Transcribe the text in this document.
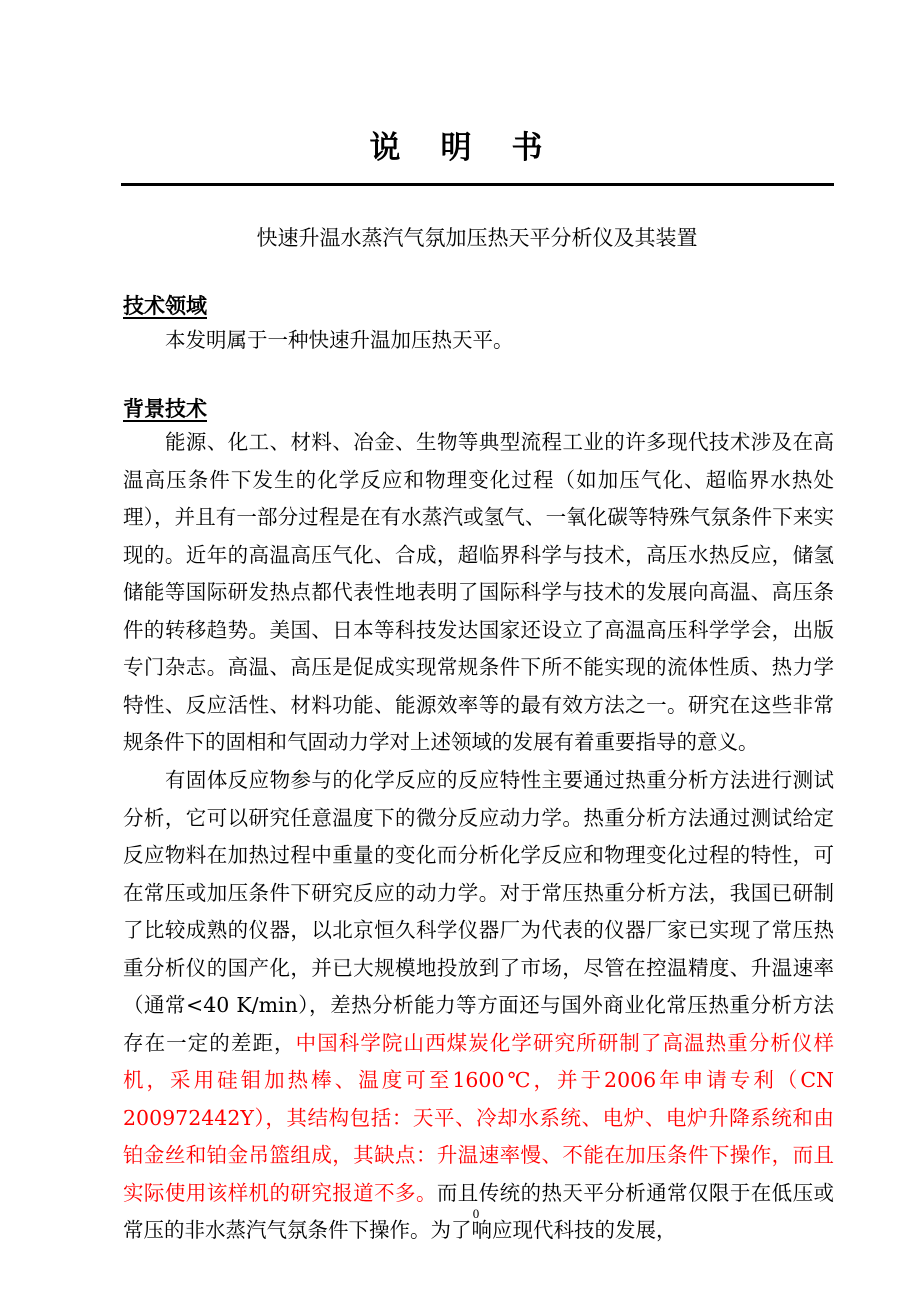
说明书

快速升温水蒸汽气氛加压热天平分析仪及其装置

技术领域

本发明属于一种快速升温加压热天平。

背景技术

能源、化工、材料、冶金、生物等典型流程工业的许多现代技术涉及在高温高压条件下发生的化学反应和物理变化过程（如加压气化、超临界水热处理），并且有一部分过程是在有水蒸汽或氢气、一氧化碳等特殊气氛条件下来实现的。近年的高温高压气化、合成，超临界科学与技术，高压水热反应，储氢储能等国际研发热点都代表性地表明了国际科学与技术的发展向高温、高压条件的转移趋势。美国、日本等科技发达国家还设立了高温高压科学学会，出版专门杂志。高温、高压是促成实现常规条件下所不能实现的流体性质、热力学特性、反应活性、材料功能、能源效率等的最有效方法之一。研究在这些非常规条件下的固相和气固动力学对上述领域的发展有着重要指导的意义。

有固体反应物参与的化学反应的反应特性主要通过热重分析方法进行测试分析，它可以研究任意温度下的微分反应动力学。热重分析方法通过测试给定反应物料在加热过程中重量的变化而分析化学反应和物理变化过程的特性，可在常压或加压条件下研究反应的动力学。对于常压热重分析方法，我国已研制了比较成熟的仪器，以北京恒久科学仪器厂为代表的仪器厂家已实现了常压热重分析仪的国产化，并已大规模地投放到了市场，尽管在控温精度、升温速率（通常<40 K/min），差热分析能力等方面还与国外商业化常压热重分析方法存在一定的差距，中国科学院山西煤炭化学研究所研制了高温热重分析仪样机，采用硅钼加热棒、温度可至1600℃，并于2006年申请专利（CN 200972442Y），其结构包括：天平、冷却水系统、电炉、电炉升降系统和由铂金丝和铂金吊篮组成，其缺点：升温速率慢、不能在加压条件下操作，而且实际使用该样机的研究报道不多。而且传统的热天平分析通常仅限于在低压或常压的非水蒸汽气氛条件下操作。为了响应现代科技的发展，

0
